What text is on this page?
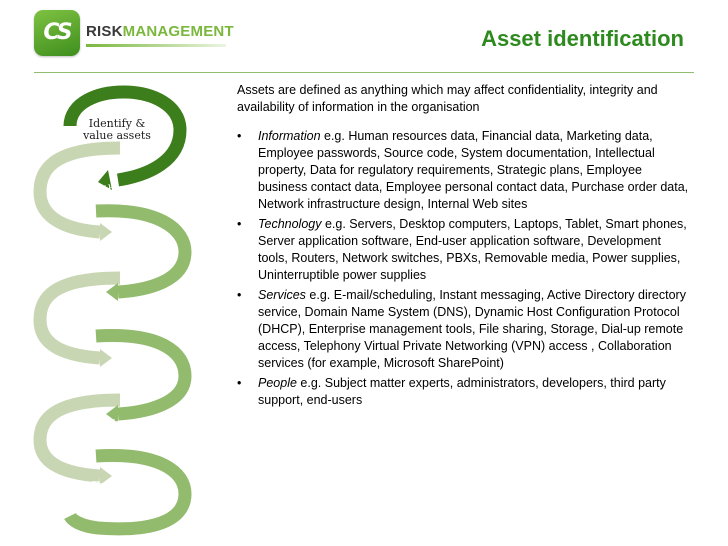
CS	RISKMANAGEMENT	Asset identification
Identify & value assets
Identify threats
Identify vulnerabilities
Assess inherent risk
Identify controls
Determine residual risk
Feed into risk treatment plan

Assets are defined as anything which may affect confidentiality, integrity and availability of information in the organisation

• Information e.g. Human resources data, Financial data, Marketing data, Employee passwords, Source code, System documentation, Intellectual property, Data for regulatory requirements, Strategic plans, Employee business contact data, Employee personal contact data, Purchase order data, Network infrastructure design, Internal Web sites
• Technology e.g. Servers, Desktop computers, Laptops, Tablet, Smart phones, Server application software, End-user application software, Development tools, Routers, Network switches, PBXs, Removable media, Power supplies, Uninterruptible power supplies
• Services e.g. E-mail/scheduling, Instant messaging, Active Directory directory service, Domain Name System (DNS), Dynamic Host Configuration Protocol (DHCP), Enterprise management tools, File sharing, Storage, Dial-up remote access, Telephony Virtual Private Networking (VPN) access , Collaboration services (for example, Microsoft SharePoint)
• People e.g. Subject matter experts, administrators, developers, third party support, end-users
